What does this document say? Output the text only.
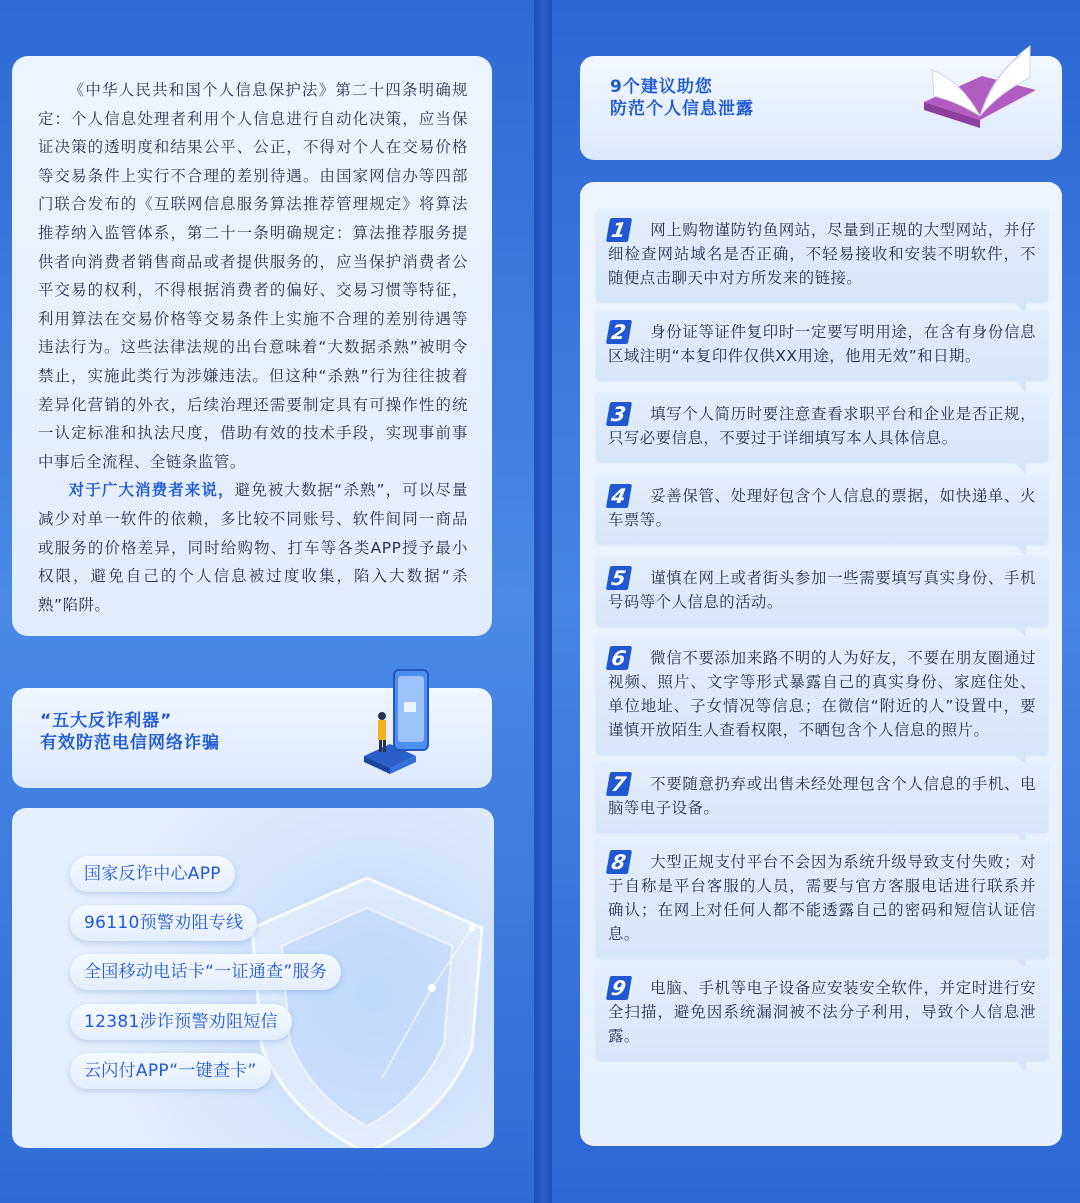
《中华人民共和国个人信息保护法》第二十四条明确规定：个人信息处理者利用个人信息进行自动化决策，应当保证决策的透明度和结果公平、公正，不得对个人在交易价格等交易条件上实行不合理的差别待遇。由国家网信办等四部门联合发布的《互联网信息服务算法推荐管理规定》将算法推荐纳入监管体系，第二十一条明确规定：算法推荐服务提供者向消费者销售商品或者提供服务的，应当保护消费者公平交易的权利，不得根据消费者的偏好、交易习惯等特征，利用算法在交易价格等交易条件上实施不合理的差别待遇等违法行为。这些法律法规的出台意味着“大数据杀熟”被明令禁止，实施此类行为涉嫌违法。但这种“杀熟”行为往往披着差异化营销的外衣，后续治理还需要制定具有可操作性的统一认定标准和执法尺度，借助有效的技术手段，实现事前事中事后全流程、全链条监管。

对于广大消费者来说，避免被大数据“杀熟”，可以尽量减少对单一软件的依赖，多比较不同账号、软件间同一商品或服务的价格差异，同时给购物、打车等各类APP授予最小权限，避免自己的个人信息被过度收集，陷入大数据“杀熟”陷阱。

“五大反诈利器”
有效防范电信网络诈骗
国家反诈中心APP
96110预警劝阻专线
全国移动电话卡“一证通查”服务
12381涉诈预警劝阻短信
云闪付APP“一键查卡”
9个建议助您
防范个人信息泄露
1 网上购物谨防钓鱼网站，尽量到正规的大型网站，并仔细检查网站域名是否正确，不轻易接收和安装不明软件，不随便点击聊天中对方所发来的链接。
2 身份证等证件复印时一定要写明用途，在含有身份信息区域注明“本复印件仅供XX用途，他用无效”和日期。
3 填写个人简历时要注意查看求职平台和企业是否正规，只写必要信息，不要过于详细填写本人具体信息。
4 妥善保管、处理好包含个人信息的票据，如快递单、火车票等。
5 谨慎在网上或者街头参加一些需要填写真实身份、手机号码等个人信息的活动。
6 微信不要添加来路不明的人为好友，不要在朋友圈通过视频、照片、文字等形式暴露自己的真实身份、家庭住处、单位地址、子女情况等信息；在微信“附近的人”设置中，要谨慎开放陌生人查看权限，不晒包含个人信息的照片。
7 不要随意扔弃或出售未经处理包含个人信息的手机、电脑等电子设备。
8 大型正规支付平台不会因为系统升级导致支付失败；对于自称是平台客服的人员，需要与官方客服电话进行联系并确认；在网上对任何人都不能透露自己的密码和短信认证信息。
9 电脑、手机等电子设备应安装安全软件，并定时进行安全扫描，避免因系统漏洞被不法分子利用，导致个人信息泄露。
